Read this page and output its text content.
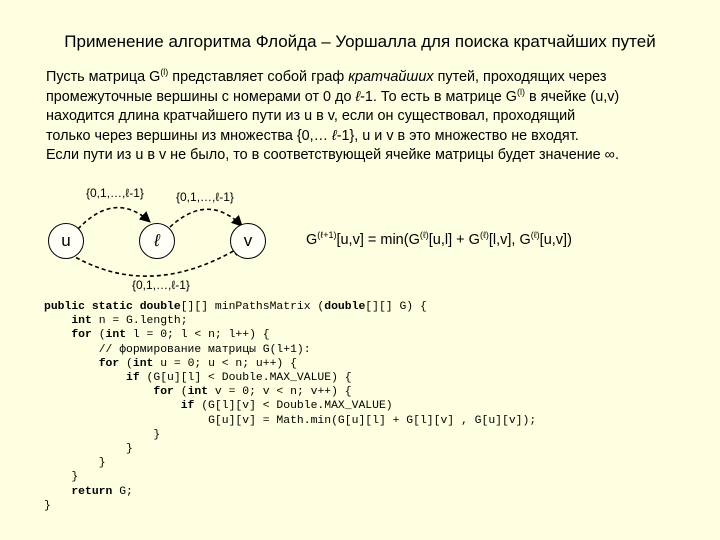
Применение алгоритма Флойда – Уоршалла для поиска кратчайших путей
Пусть матрица $G^{(l)}$ представляет собой граф кратчайших путей, проходящих через
промежуточные вершины с номерами от 0 до ℓ-1. То есть в матрице $G^{(l)}$ в ячейке (u,v)
находится длина кратчайшего пути из u в v, если он существовал, проходящий
только через вершины из множества {0,… ℓ-1}, u и v в это множество не входят.
Если пути из u в v не было, то в соответствующей ячейке матрицы будет значение ∞.
{0,1,…,ℓ-1}	{0,1,…,ℓ-1}
{0,1,…,ℓ-1}
u	ℓ	v	$G^{(\ell+1)}[u,v] = \min(G^{(\ell)}[u,l] + G^{(\ell)}[l,v]$, $G^{(\ell)}[u,v]$)
public static double[][] minPathsMatrix (double[][] G) {
int n = G.length;
for (int l = 0; l < n; l++) {
// формирование матрицы G(l+1):
for (int u = 0; u < n; u++) {
if (G[u][l] < Double.MAX_VALUE) {
for (int v = 0; v < n; v++) {
if (G[l][v] < Double.MAX_VALUE)
G[u][v] = Math.min(G[u][l] + G[l][v] , G[u][v]);
}
}
}
}
return G;
}
